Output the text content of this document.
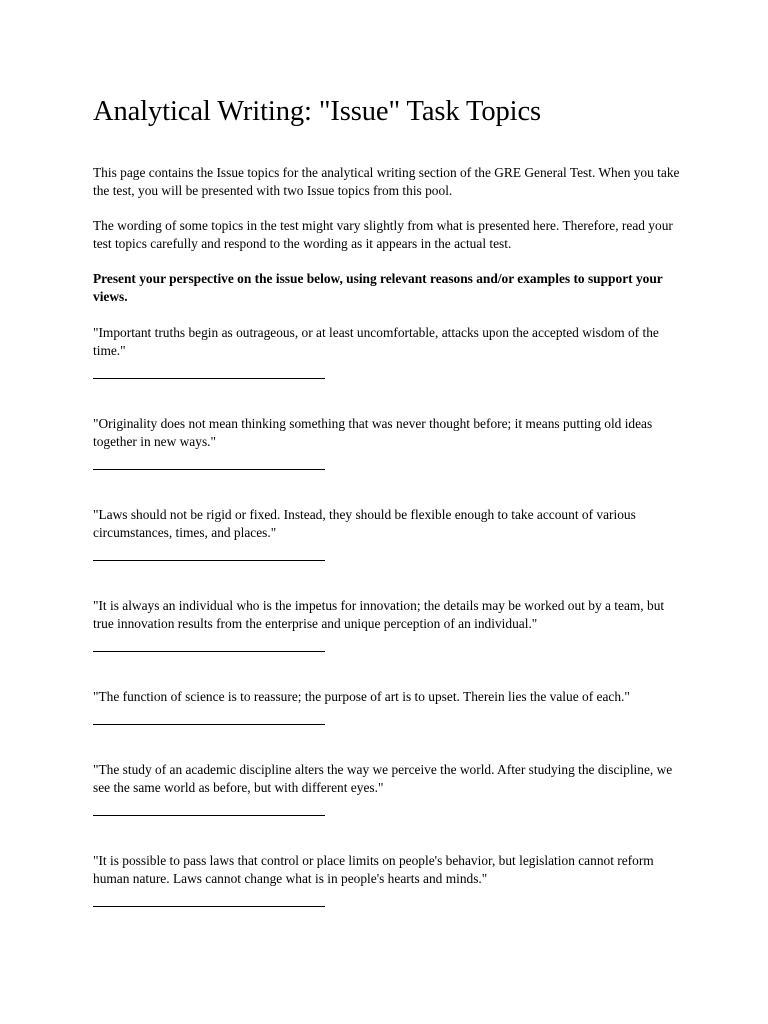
Analytical Writing: "Issue" Task Topics

This page contains the Issue topics for the analytical writing section of the GRE General Test. When you take the test, you will be presented with two Issue topics from this pool.

The wording of some topics in the test might vary slightly from what is presented here. Therefore, read your test topics carefully and respond to the wording as it appears in the actual test.

Present your perspective on the issue below, using relevant reasons and/or examples to support your views.

"Important truths begin as outrageous, or at least uncomfortable, attacks upon the accepted wisdom of the time."

"Originality does not mean thinking something that was never thought before; it means putting old ideas together in new ways."

"Laws should not be rigid or fixed. Instead, they should be flexible enough to take account of various circumstances, times, and places."

"It is always an individual who is the impetus for innovation; the details may be worked out by a team, but true innovation results from the enterprise and unique perception of an individual."

"The function of science is to reassure; the purpose of art is to upset. Therein lies the value of each."

"The study of an academic discipline alters the way we perceive the world. After studying the discipline, we see the same world as before, but with different eyes."

"It is possible to pass laws that control or place limits on people's behavior, but legislation cannot reform human nature. Laws cannot change what is in people's hearts and minds."
